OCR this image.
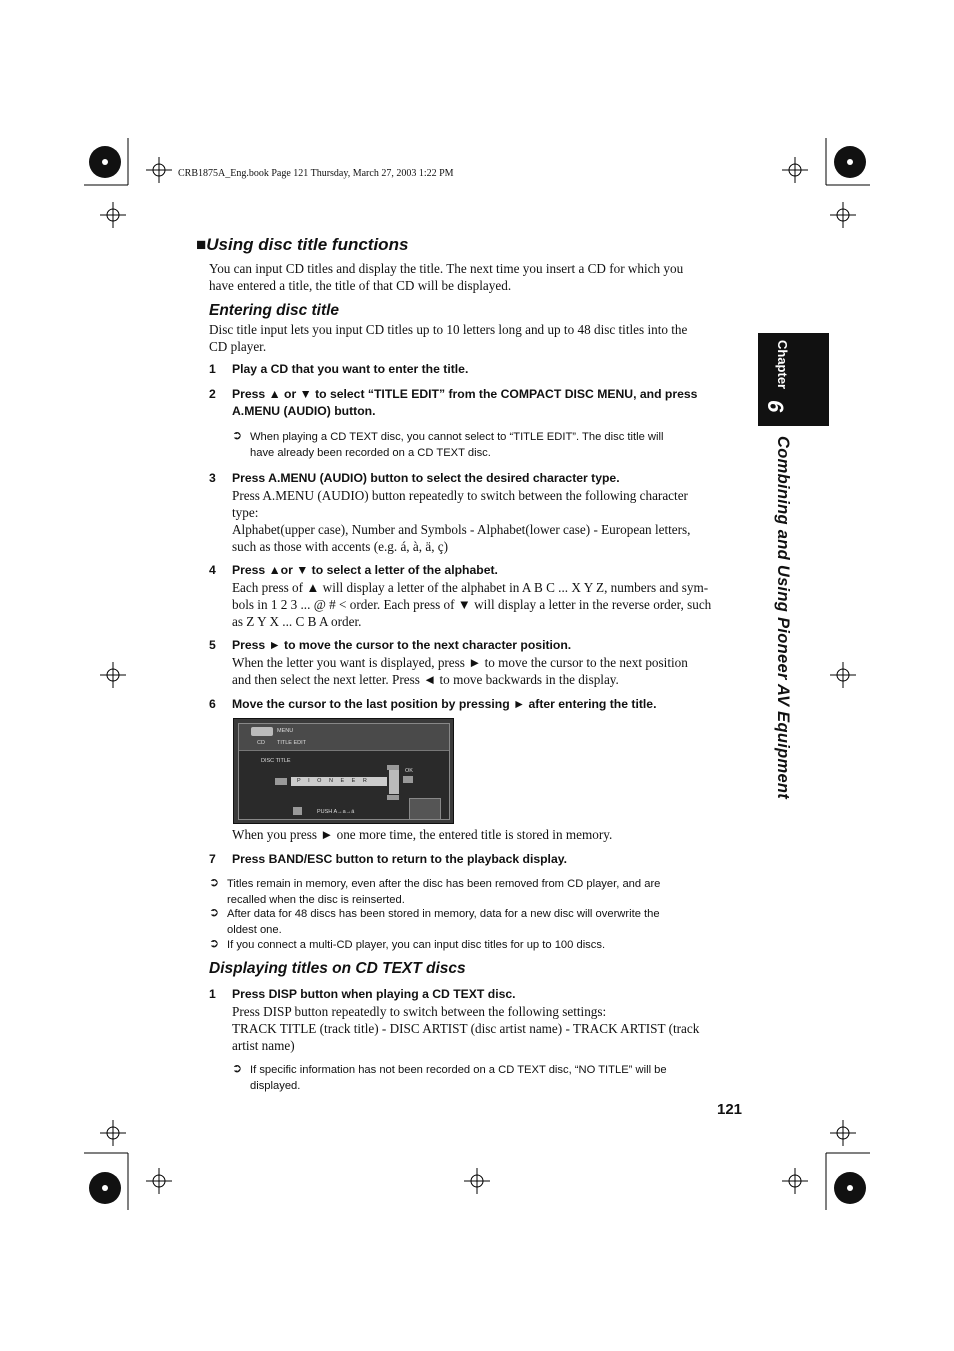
CRB1875A_Eng.book Page 121 Thursday, March 27, 2003 1:22 PM
■Using disc title functions
You can input CD titles and display the title. The next time you insert a CD for which you
have entered a title, the title of that CD will be displayed.
Entering disc title
Disc title input lets you input CD titles up to 10 letters long and up to 48 disc titles into the
CD player.
1	Play a CD that you want to enter the title.
2	Press ▲ or ▼ to select “TITLE EDIT” from the COMPACT DISC MENU, and press
A.MENU (AUDIO) button.
➲ When playing a CD TEXT disc, you cannot select to “TITLE EDIT”. The disc title will
have already been recorded on a CD TEXT disc.
3	Press A.MENU (AUDIO) button to select the desired character type.
Press A.MENU (AUDIO) button repeatedly to switch between the following character
type:
Alphabet(upper case), Number and Symbols - Alphabet(lower case) - European letters,
such as those with accents (e.g. á, à, ä, ç)
4	Press ▲or ▼ to select a letter of the alphabet.
Each press of ▲ will display a letter of the alphabet in A B C ... X Y Z, numbers and sym-
bols in 1 2 3 ... @ # < order. Each press of ▼ will display a letter in the reverse order, such
as Z Y X ... C B A order.
5	Press ► to move the cursor to the next character position.
When the letter you want is displayed, press ► to move the cursor to the next position
and then select the next letter. Press ◄ to move backwards in the display.
6	Move the cursor to the last position by pressing ► after entering the title.
MENU
CD TITLE EDIT
DISC TITLE
P I O N E E R
OK
PUSH A→a→á
When you press ► one more time, the entered title is stored in memory.
7	Press BAND/ESC button to return to the playback display.
➲ Titles remain in memory, even after the disc has been removed from CD player, and are
recalled when the disc is reinserted.
➲ After data for 48 discs has been stored in memory, data for a new disc will overwrite the
oldest one.
➲ If you connect a multi-CD player, you can input disc titles for up to 100 discs.
Displaying titles on CD TEXT discs
1	Press DISP button when playing a CD TEXT disc.
Press DISP button repeatedly to switch between the following settings:
TRACK TITLE (track title) - DISC ARTIST (disc artist name) - TRACK ARTIST (track
artist name)
➲ If specific information has not been recorded on a CD TEXT disc, “NO TITLE” will be
displayed.
121
Chapter
6
Combining and Using Pioneer AV Equipment
